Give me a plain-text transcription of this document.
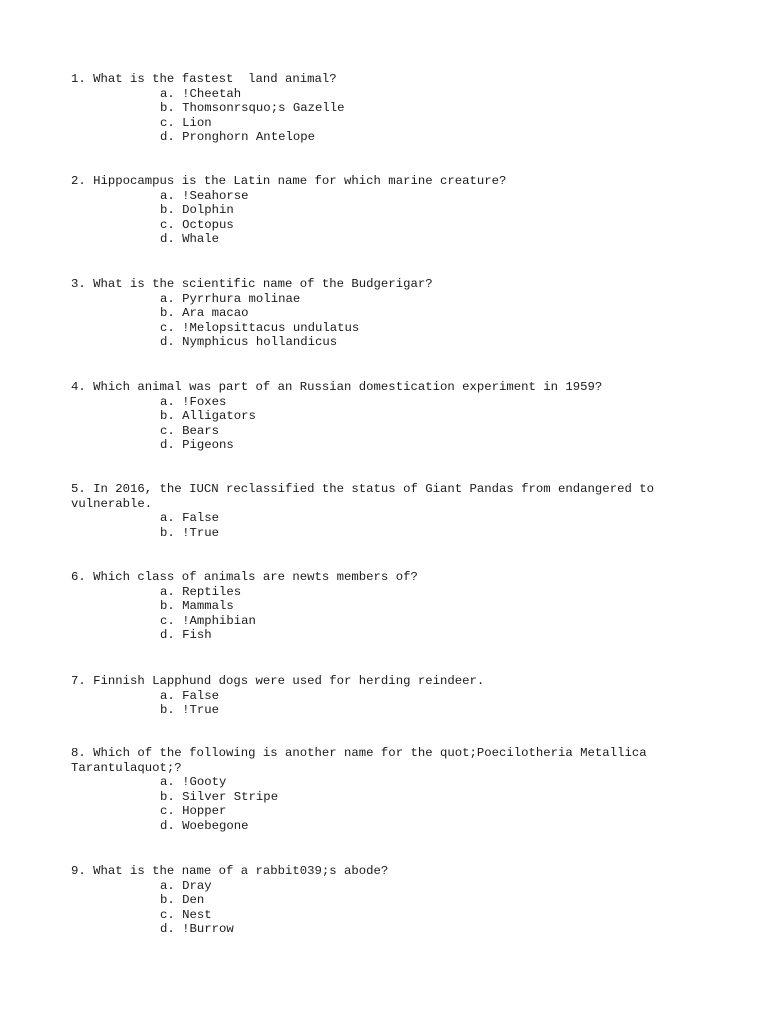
1. What is the fastest  land animal?

a. !Cheetah

b. Thomsonrsquo;s Gazelle

c. Lion

d. Pronghorn Antelope

2. Hippocampus is the Latin name for which marine creature?

a. !Seahorse

b. Dolphin

c. Octopus

d. Whale

3. What is the scientific name of the Budgerigar?

a. Pyrrhura molinae

b. Ara macao

c. !Melopsittacus undulatus

d. Nymphicus hollandicus

4. Which animal was part of an Russian domestication experiment in 1959?

a. !Foxes

b. Alligators

c. Bears

d. Pigeons

5. In 2016, the IUCN reclassified the status of Giant Pandas from endangered to vulnerable.

a. False

b. !True

6. Which class of animals are newts members of?

a. Reptiles

b. Mammals

c. !Amphibian

d. Fish

7. Finnish Lapphund dogs were used for herding reindeer.

a. False

b. !True

8. Which of the following is another name for the quot;Poecilotheria Metallica Tarantulaquot;?

a. !Gooty

b. Silver Stripe

c. Hopper

d. Woebegone

9. What is the name of a rabbit039;s abode?

a. Dray

b. Den

c. Nest

d. !Burrow
